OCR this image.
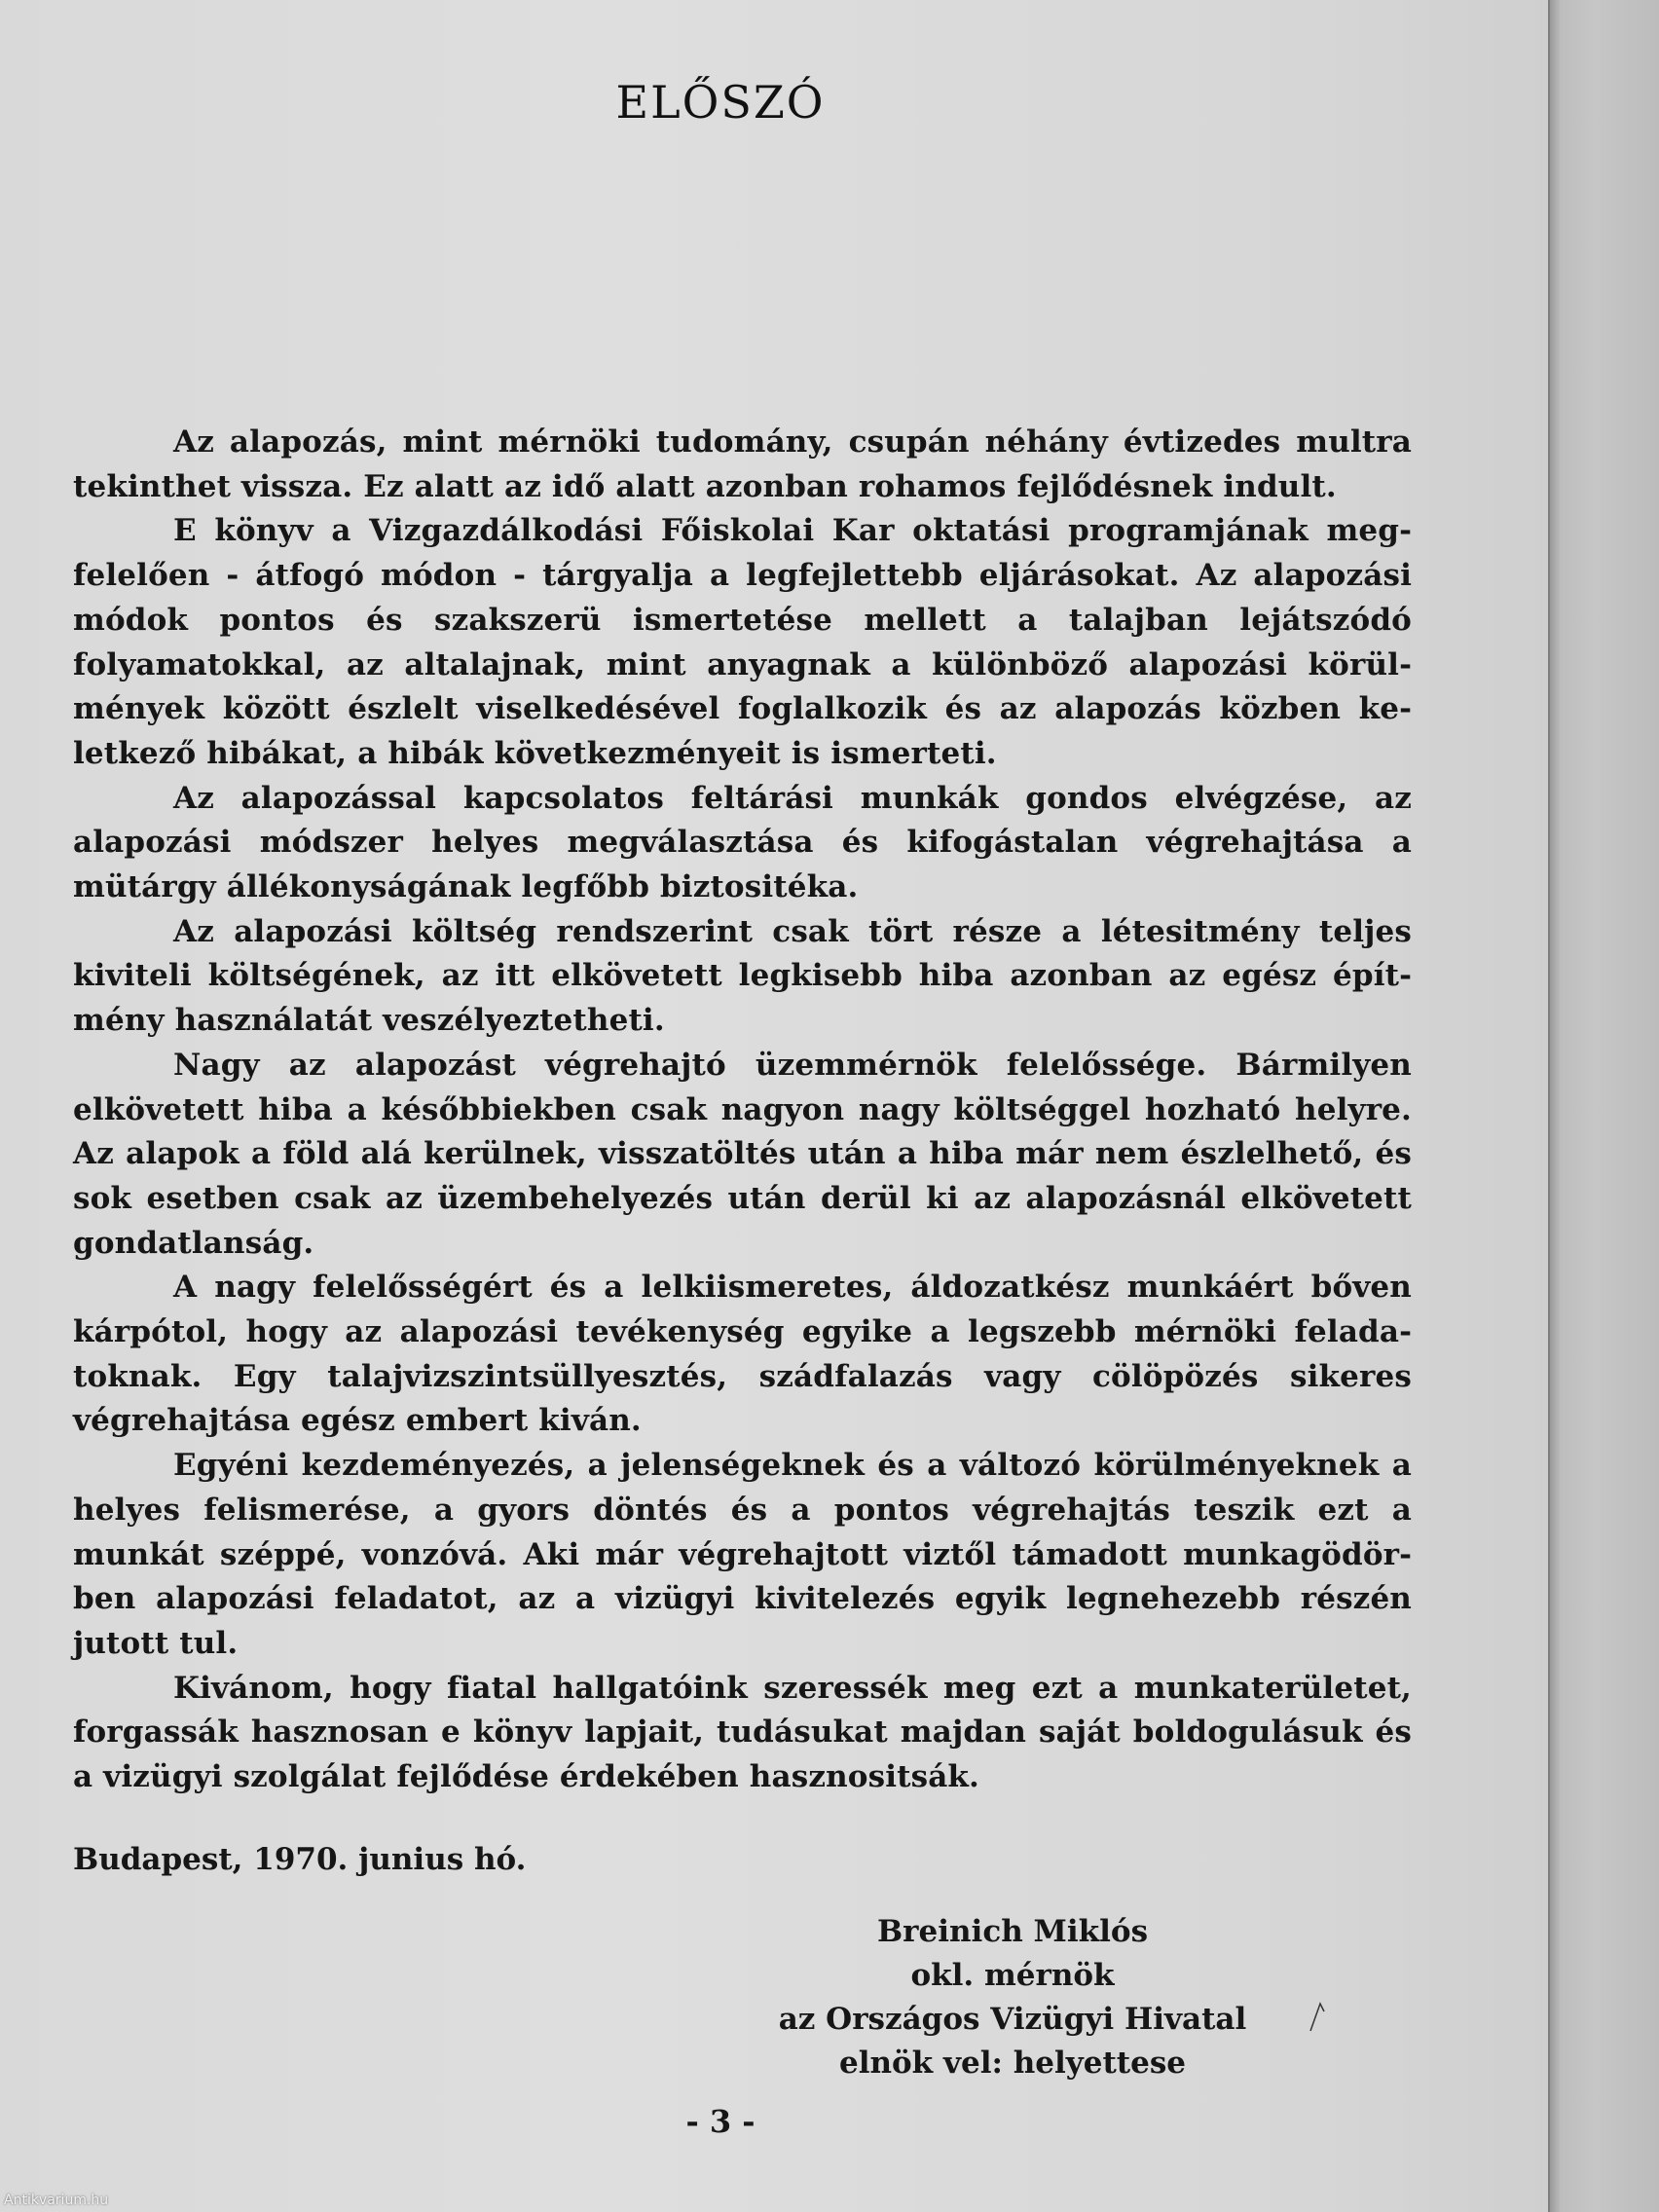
ELŐSZÓ

Az alapozás, mint mérnöki tudomány, csupán néhány évtizedes multra tekinthet vissza. Ez alatt az idő alatt azonban rohamos fejlődésnek indult.

E könyv a Vizgazdálkodási Főiskolai Kar oktatási programjának megfelelően - átfogó módon - tárgyalja a legfejlettebb eljárásokat. Az alapozási módok pontos és szakszerü ismertetése mellett a talajban lejátszódó folyamatokkal, az altalajnak, mint anyagnak a különböző alapozási körülmények között észlelt viselkedésével foglalkozik és az alapozás közben keletkező hibákat, a hibák következményeit is ismerteti.

Az alapozással kapcsolatos feltárási munkák gondos elvégzése, az alapozási módszer helyes megválasztása és kifogástalan végrehajtása a mütárgy állékonyságának legfőbb biztositéka.

Az alapozási költség rendszerint csak tört része a létesitmény teljes kiviteli költségének, az itt elkövetett legkisebb hiba azonban az egész építmény használatát veszélyeztetheti.

Nagy az alapozást végrehajtó üzemmérnök felelőssége. Bármilyen elkövetett hiba a későbbiekben csak nagyon nagy költséggel hozható helyre. Az alapok a föld alá kerülnek, visszatöltés után a hiba már nem észlelhető, és sok esetben csak az üzembehelyezés után derül ki az alapozásnál elkövetett gondatlanság.

A nagy felelősségért és a lelkiismeretes, áldozatkész munkáért bőven kárpótol, hogy az alapozási tevékenység egyike a legszebb mérnöki feladatoknak. Egy talajvizszintsüllyesztés, szádfalazás vagy cölöpözés sikeres végrehajtása egész embert kiván.

Egyéni kezdeményezés, a jelenségeknek és a változó körülményeknek a helyes felismerése, a gyors döntés és a pontos végrehajtás teszik ezt a munkát széppé, vonzóvá. Aki már végrehajtott viztől támadott munkagödörben alapozási feladatot, az a vizügyi kivitelezés egyik legnehezebb részén jutott tul.

Kivánom, hogy fiatal hallgatóink szeressék meg ezt a munkaterületet, forgassák hasznosan e könyv lapjait, tudásukat majdan saját boldogulásuk és a vizügyi szolgálat fejlődése érdekében hasznositsák.

Budapest, 1970. junius hó.

Breinich Miklós
okl. mérnök
az Országos Vizügyi Hivatal
elnök vel: helyettese

- 3 -

Antikvarium.hu
